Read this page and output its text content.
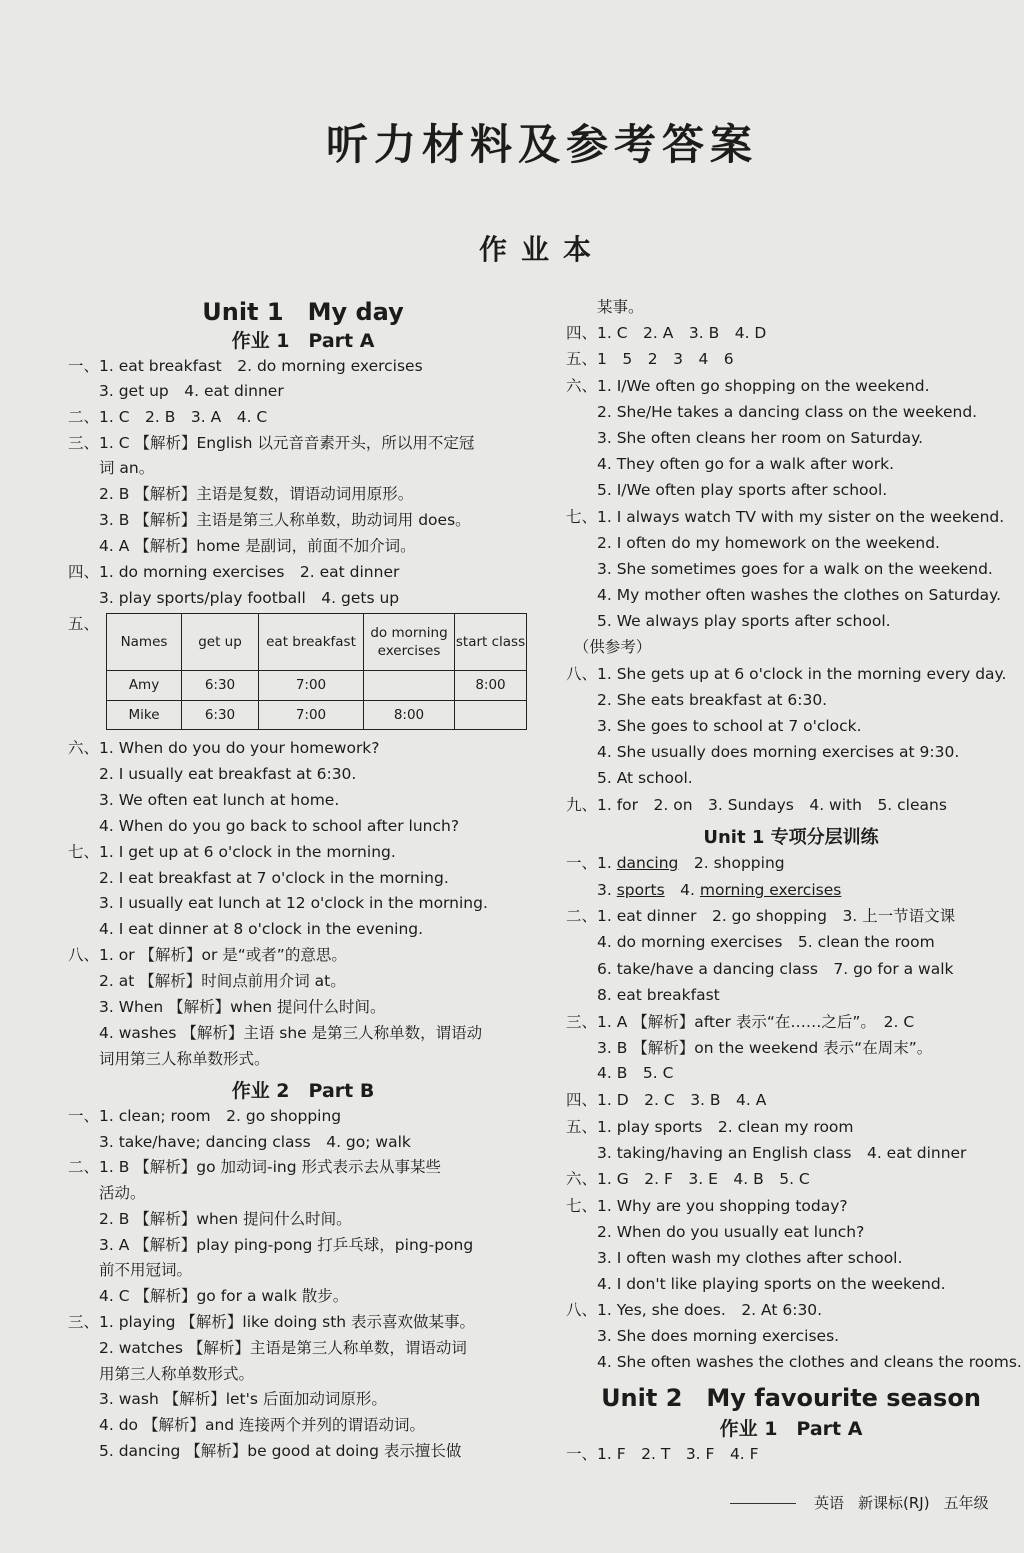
听力材料及参考答案
作业本
Unit 1　My day
作业 1　Part A
一、1. eat breakfast　2. do morning exercises
　　3. get up　4. eat dinner
二、1. C　2. B　3. A　4. C
三、1. C 【解析】English 以元音音素开头，所以用不定冠
　　词 an。
　　2. B 【解析】主语是复数，谓语动词用原形。
　　3. B 【解析】主语是第三人称单数，助动词用 does。
　　4. A 【解析】home 是副词，前面不加介词。
四、1. do morning exercises　2. eat dinner
　　3. play sports/play football　4. gets up
五、
Names	get up	eat breakfast	do morning exercises	start class
Amy	6:30	7:00		8:00
Mike	6:30	7:00	8:00	
六、1. When do you do your homework?
　　2. I usually eat breakfast at 6:30.
　　3. We often eat lunch at home.
　　4. When do you go back to school after lunch?
七、1. I get up at 6 o'clock in the morning.
　　2. I eat breakfast at 7 o'clock in the morning.
　　3. I usually eat lunch at 12 o'clock in the morning.
　　4. I eat dinner at 8 o'clock in the evening.
八、1. or 【解析】or 是“或者”的意思。
　　2. at 【解析】时间点前用介词 at。
　　3. When 【解析】when 提问什么时间。
　　4. washes 【解析】主语 she 是第三人称单数，谓语动
　　词用第三人称单数形式。
作业 2　Part B
一、1. clean; room　2. go shopping
　　3. take/have; dancing class　4. go; walk
二、1. B 【解析】go 加动词-ing 形式表示去从事某些
　　活动。
　　2. B 【解析】when 提问什么时间。
　　3. A 【解析】play ping-pong 打乒乓球，ping-pong
　　前不用冠词。
　　4. C 【解析】go for a walk 散步。
三、1. playing 【解析】like doing sth 表示喜欢做某事。
　　2. watches 【解析】主语是第三人称单数，谓语动词
　　用第三人称单数形式。
　　3. wash 【解析】let's 后面加动词原形。
　　4. do 【解析】and 连接两个并列的谓语动词。
　　5. dancing 【解析】be good at doing 表示擅长做
　　某事。
四、1. C　2. A　3. B　4. D
五、1　5　2　3　4　6
六、1. I/We often go shopping on the weekend.
　　2. She/He takes a dancing class on the weekend.
　　3. She often cleans her room on Saturday.
　　4. They often go for a walk after work.
　　5. I/We often play sports after school.
七、1. I always watch TV with my sister on the weekend.
　　2. I often do my homework on the weekend.
　　3. She sometimes goes for a walk on the weekend.
　　4. My mother often washes the clothes on Saturday.
　　5. We always play sports after school.
　（供参考）
八、1. She gets up at 6 o'clock in the morning every day.
　　2. She eats breakfast at 6:30.
　　3. She goes to school at 7 o'clock.
　　4. She usually does morning exercises at 9:30.
　　5. At school.
九、1. for　2. on　3. Sundays　4. with　5. cleans
Unit 1 专项分层训练
一、1. dancing　2. shopping
　　3. sports　4. morning exercises
二、1. eat dinner　2. go shopping　3. 上一节语文课
　　4. do morning exercises　5. clean the room
　　6. take/have a dancing class　7. go for a walk
　　8. eat breakfast
三、1. A 【解析】after 表示“在……之后”。　2. C
　　3. B 【解析】on the weekend 表示“在周末”。
　　4. B　5. C
四、1. D　2. C　3. B　4. A
五、1. play sports　2. clean my room
　　3. taking/having an English class　4. eat dinner
六、1. G　2. F　3. E　4. B　5. C
七、1. Why are you shopping today?
　　2. When do you usually eat lunch?
　　3. I often wash my clothes after school.
　　4. I don't like playing sports on the weekend.
八、1. Yes, she does.　2. At 6:30.
　　3. She does morning exercises.
　　4. She often washes the clothes and cleans the rooms.
Unit 2　My favourite season
作业 1　Part A
一、1. F　2. T　3. F　4. F
英语 新课标(RJ) 五年级
